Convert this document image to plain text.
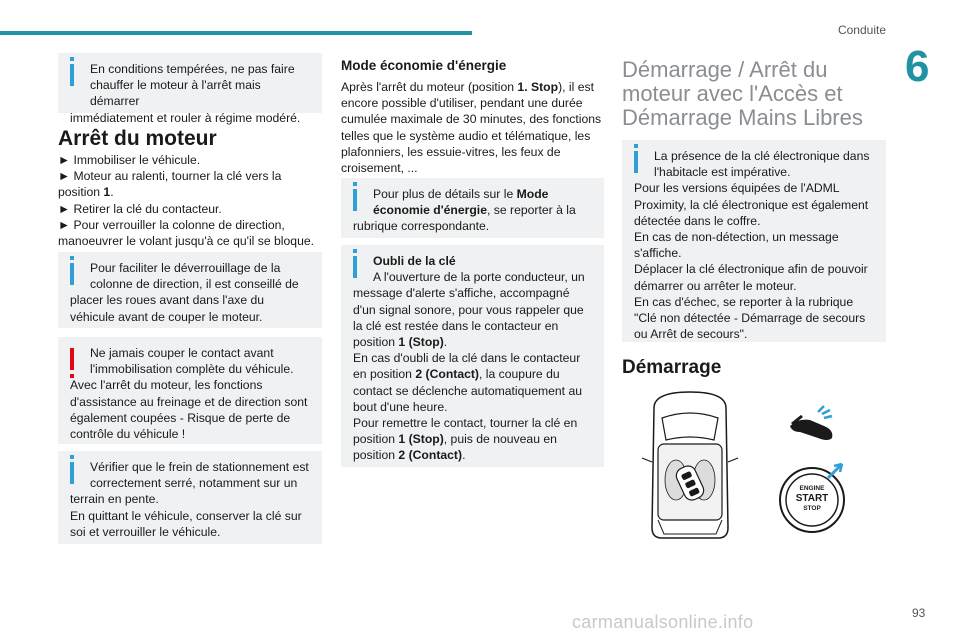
Conduite
6

En conditions tempérées, ne pas faire chauffer le moteur à l'arrêt mais démarrer

immédiatement et rouler à régime modéré.

Arrêt du moteur

► Immobiliser le véhicule.

► Moteur au ralenti, tourner la clé vers la position 1.

► Retirer la clé du contacteur.

► Pour verrouiller la colonne de direction, manoeuvrer le volant jusqu'à ce qu'il se bloque.

Pour faciliter le déverrouillage de la colonne de direction, il est conseillé de

placer les roues avant dans l'axe du véhicule avant de couper le moteur.

Ne jamais couper le contact avant l'immobilisation complète du véhicule.

Avec l'arrêt du moteur, les fonctions d'assistance au freinage et de direction sont également coupées - Risque de perte de contrôle du véhicule !

Vérifier que le frein de stationnement est correctement serré, notamment sur un

terrain en pente.

En quittant le véhicule, conserver la clé sur soi et verrouiller le véhicule.

Mode économie d'énergie

Après l'arrêt du moteur (position 1. Stop), il est encore possible d'utiliser, pendant une durée cumulée maximale de 30 minutes, des fonctions telles que le système audio et télématique, les plafonniers, les essuie-vitres, les feux de croisement, ...

Pour plus de détails sur le Mode économie d'énergie, se reporter à la

rubrique correspondante.

Oubli de la clé

A l'ouverture de la porte conducteur, un

message d'alerte s'affiche, accompagné d'un signal sonore, pour vous rappeler que la clé est restée dans le contacteur en position 1 (Stop).

En cas d'oubli de la clé dans le contacteur en position 2 (Contact), la coupure du contact se déclenche automatiquement au bout d'une heure.

Pour remettre le contact, tourner la clé en position 1 (Stop), puis de nouveau en position 2 (Contact).

Démarrage / Arrêt du moteur avec l'Accès et Démarrage Mains Libres

La présence de la clé électronique dans l'habitacle est impérative.

Pour les versions équipées de l'ADML Proximity, la clé électronique est également détectée dans le coffre.

En cas de non-détection, un message s'affiche.

Déplacer la clé électronique afin de pouvoir démarrer ou arrêter le moteur.

En cas d'échec, se reporter à la rubrique "Clé non détectée - Démarrage de secours ou Arrêt de secours".

Démarrage
ENGINE
START
STOP
carmanualsonline.info	93
